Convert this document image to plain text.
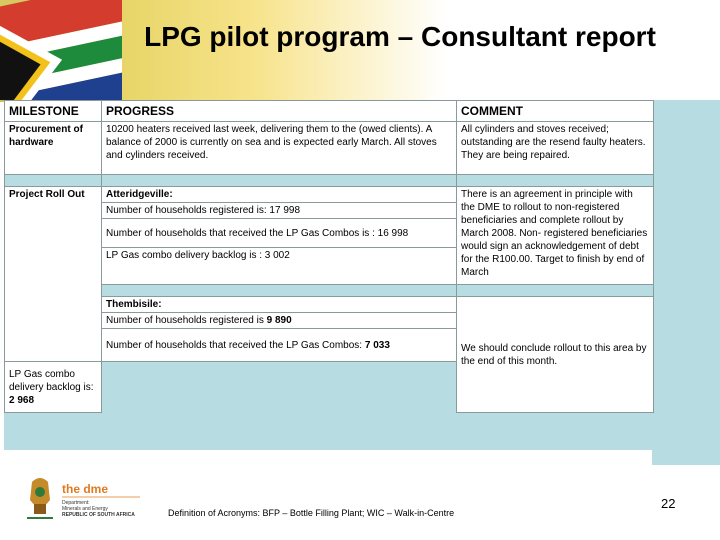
LPG pilot program – Consultant report
MILESTONE	PROGRESS	COMMENT
Procurement of hardware	10200 heaters received last week, delivering them to the (owed clients). A balance of 2000 is currently on sea and is expected early March. All stoves and cylinders received.	All cylinders and stoves received; outstanding are the resend faulty heaters. They are being repaired.

Project Roll Out	Atteridgeville:	There is an agreement in principle with the DME to rollout to non-registered beneficiaries and complete rollout by March 2008. Non- registered beneficiaries would sign an acknowledgement of debt for the R100.00. Target to finish by end of March
	Number of households registered is: 17 998	
	Number of households that received the LP Gas Combos is : 16 998	
	LP Gas combo delivery backlog is : 3 002	

	Thembisile:	We should conclude rollout to this area by the end of this month.
	Number of households registered is 9 890	
	Number of households that received the LP Gas Combos: 7 033	
LP Gas combo delivery backlog is: 2 968		
the dme
Department:
Minerals and Energy
REPUBLIC OF SOUTH AFRICA	Definition of Acronyms: BFP – Bottle Filling Plant; WIC – Walk-in-Centre
22
